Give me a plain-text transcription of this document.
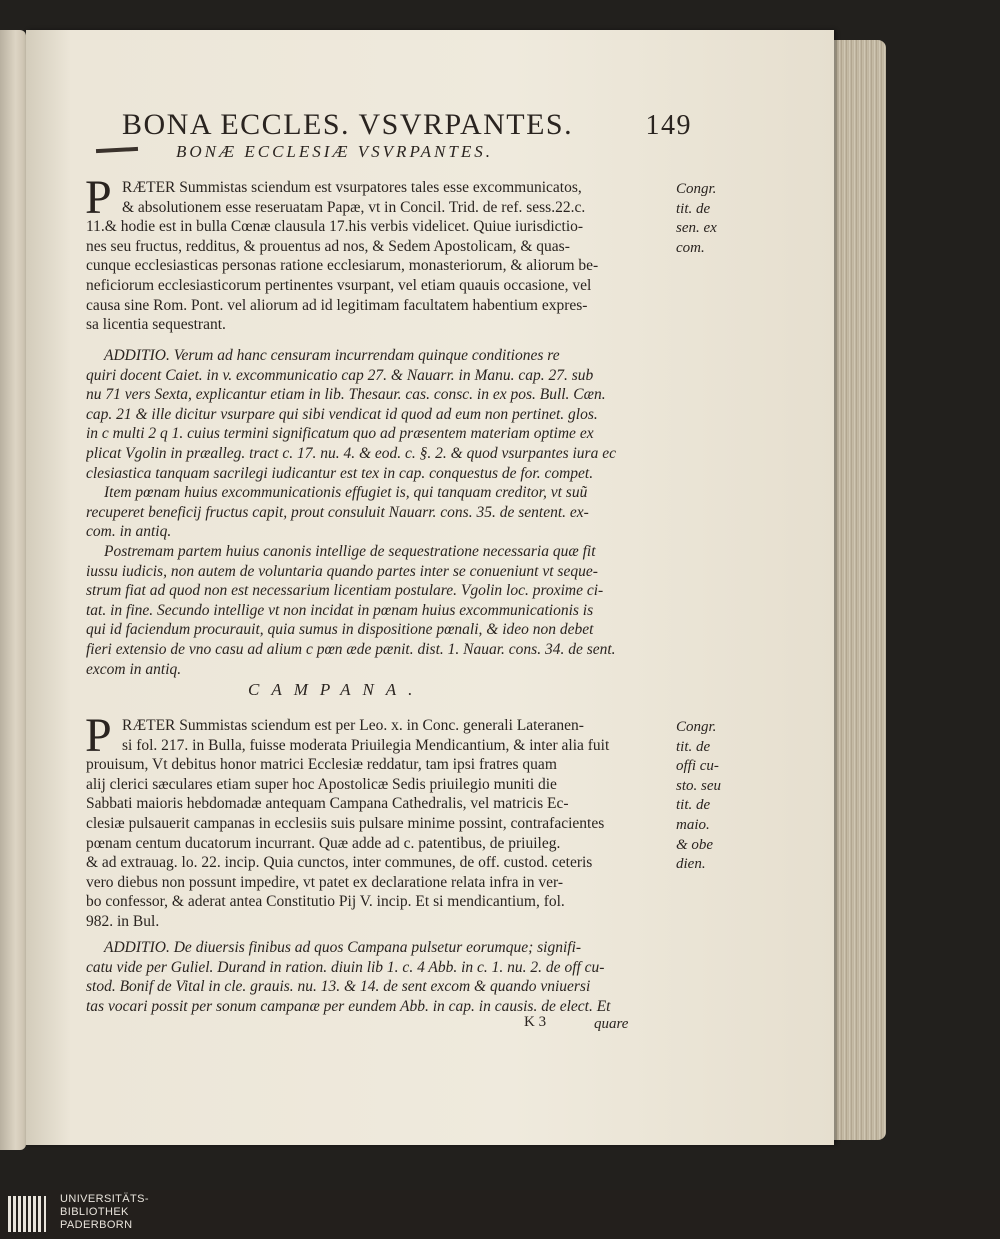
BONA ECCLES. VSVRPANTES.	149
BONÆ ECCLESIÆ VSVRPANTES.
P RÆTER Summistas sciendum est vsurpatores tales esse excommunicatos,
& absolutionem esse reseruatam Papæ, vt in Concil. Trid. de ref. sess.22.c.
11.& hodie est in bulla Cœnæ clausula 17.his verbis videlicet. Quiue iurisdictio-
nes seu fructus, redditus, & prouentus ad nos, & Sedem Apostolicam, & quas-
cunque ecclesiasticas personas ratione ecclesiarum, monasteriorum, & aliorum be-
neficiorum ecclesiasticorum pertinentes vsurpant, vel etiam quauis occasione, vel
causa sine Rom. Pont. vel aliorum ad id legitimam facultatem habentium expres-
sa licentia sequestrant.
Congr.
tit. de
sen. ex
com.
ADDITIO. Verum ad hanc censuram incurrendam quinque conditiones re
quiri docent Caiet. in v. excommunicatio cap 27. & Nauarr. in Manu. cap. 27. sub
nu 71 vers Sexta, explicantur etiam in lib. Thesaur. cas. consc. in ex pos. Bull. Cæn.
cap. 21 & ille dicitur vsurpare qui sibi vendicat id quod ad eum non pertinet. glos.
in c multi 2 q 1. cuius termini significatum quo ad præsentem materiam optime ex
plicat Vgolin in præalleg. tract c. 17. nu. 4. & eod. c. §. 2. & quod vsurpantes iura ec
clesiastica tanquam sacrilegi iudicantur est tex in cap. conquestus de for. compet.
Item pœnam huius excommunicationis effugiet is, qui tanquam creditor, vt suũ
recuperet beneficij fructus capit, prout consuluit Nauarr. cons. 35. de sentent. ex-
com. in antiq.
Postremam partem huius canonis intellige de sequestratione necessaria quæ fit
iussu iudicis, non autem de voluntaria quando partes inter se conueniunt vt seque-
strum fiat ad quod non est necessarium licentiam postulare. Vgolin loc. proxime ci-
tat. in fine. Secundo intellige vt non incidat in pœnam huius excommunicationis is
qui id faciendum procurauit, quia sumus in dispositione pœnali, & ideo non debet
fieri extensio de vno casu ad alium c pœn æde pænit. dist. 1. Nauar. cons. 34. de sent.
excom in antiq.
CAMPANA.
P RÆTER Summistas sciendum est per Leo. x. in Conc. generali Lateranen-
si fol. 217. in Bulla, fuisse moderata Priuilegia Mendicantium, & inter alia fuit
prouisum, Vt debitus honor matrici Ecclesiæ reddatur, tam ipsi fratres quam
alij clerici sæculares etiam super hoc Apostolicæ Sedis priuilegio muniti die
Sabbati maioris hebdomadæ antequam Campana Cathedralis, vel matricis Ec-
clesiæ pulsauerit campanas in ecclesiis suis pulsare minime possint, contrafacientes
pœnam centum ducatorum incurrant. Quæ adde ad c. patentibus, de priuileg.
& ad extrauag. lo. 22. incip. Quia cunctos, inter communes, de off. custod. ceteris
vero diebus non possunt impedire, vt patet ex declaratione relata infra in ver-
bo confessor, & aderat antea Constitutio Pij V. incip. Et si mendicantium, fol.
982. in Bul.
Congr.
tit. de
offi cu-
sto. seu
tit. de
maio.
& obe
dien.
ADDITIO. De diuersis finibus ad quos Campana pulsetur eorumque; signifi-
catu vide per Guliel. Durand in ration. diuin lib 1. c. 4 Abb. in c. 1. nu. 2. de off cu-
stod. Bonif de Vital in cle. grauis. nu. 13. & 14. de sent excom & quando vniuersi
tas vocari possit per sonum campanæ per eundem Abb. in cap. in causis. de elect. Et
K 3	quare
UNIVERSITÄTS-
BIBLIOTHEK
PADERBORN
